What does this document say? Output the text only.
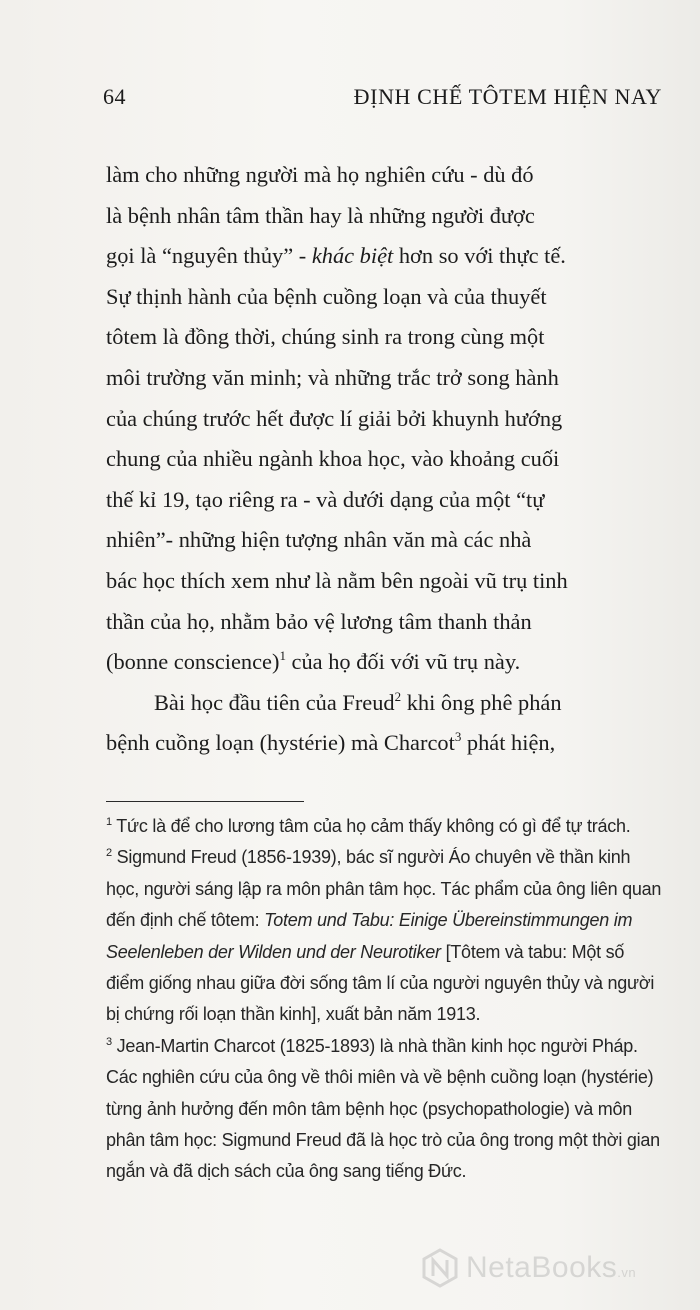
64	ĐỊNH CHẾ TÔTEM HIỆN NAY
làm cho những người mà họ nghiên cứu - dù đó
là bệnh nhân tâm thần hay là những người được
gọi là “nguyên thủy” - khác biệt hơn so với thực tế.
Sự thịnh hành của bệnh cuồng loạn và của thuyết
tôtem là đồng thời, chúng sinh ra trong cùng một
môi trường văn minh; và những trắc trở song hành
của chúng trước hết được lí giải bởi khuynh hướng
chung của nhiều ngành khoa học, vào khoảng cuối
thế kỉ 19, tạo riêng ra - và dưới dạng của một “tự
nhiên”- những hiện tượng nhân văn mà các nhà
bác học thích xem như là nằm bên ngoài vũ trụ tinh
thần của họ, nhằm bảo vệ lương tâm thanh thản
(bonne conscience)$^1$ của họ đối với vũ trụ này.
Bài học đầu tiên của Freud$^2$ khi ông phê phán
bệnh cuồng loạn (hystérie) mà Charcot$^3$ phát hiện,
$^1$ Tức là để cho lương tâm của họ cảm thấy không có gì để tự trách.
$^2$ Sigmund Freud (1856-1939), bác sĩ người Áo chuyên về thần kinh
học, người sáng lập ra môn phân tâm học. Tác phẩm của ông liên quan
đến định chế tôtem: Totem und Tabu: Einige Übereinstimmungen im
Seelenleben der Wilden und der Neurotiker [Tôtem và tabu: Một số
điểm giống nhau giữa đời sống tâm lí của người nguyên thủy và người
bị chứng rối loạn thần kinh], xuất bản năm 1913.
$^3$ Jean-Martin Charcot (1825-1893) là nhà thần kinh học người Pháp.
Các nghiên cứu của ông về thôi miên và về bệnh cuồng loạn (hystérie)
từng ảnh hưởng đến môn tâm bệnh học (psychopathologie) và môn
phân tâm học: Sigmund Freud đã là học trò của ông trong một thời gian
ngắn và đã dịch sách của ông sang tiếng Đức.
NetaBooks.vn
